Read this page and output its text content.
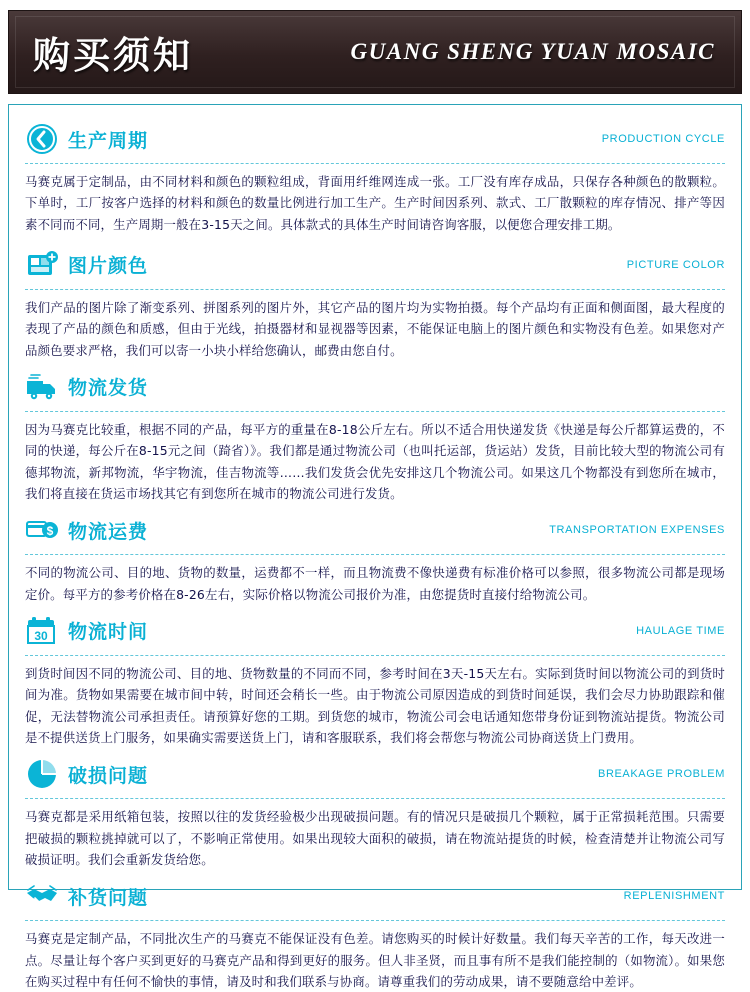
购买须知	GUANG SHENG YUAN MOSAIC
生产周期	PRODUCTION CYCLE
马赛克属于定制品，由不同材料和颜色的颗粒组成，背面用纤维网连成一张。工厂没有库存成品，只保存各种颜色的散颗粒。下单时，工厂按客户选择的材料和颜色的数量比例进行加工生产。生产时间因系列、款式、工厂散颗粒的库存情况、排产等因素不同而不同，生产周期一般在3-15天之间。具体款式的具体生产时间请咨询客服，以便您合理安排工期。
图片颜色	PICTURE COLOR
我们产品的图片除了渐变系列、拼图系列的图片外，其它产品的图片均为实物拍摄。每个产品均有正面和侧面图，最大程度的表现了产品的颜色和质感，但由于光线，拍摄器材和显视器等因素，不能保证电脑上的图片颜色和实物没有色差。如果您对产品颜色要求严格，我们可以寄一小块小样给您确认，邮费由您自付。
物流发货
因为马赛克比较重，根据不同的产品，每平方的重量在8-18公斤左右。所以不适合用快递发货《快递是每公斤都算运费的，不同的快递，每公斤在8-15元之间（踦省）》。我们都是通过物流公司（也叫托运部，货运站）发货，目前比较大型的物流公司有德邦物流，新邦物流，华宇物流，佳吉物流等……我们发货会优先安排这几个物流公司。如果这几个物都没有到您所在城市，我们将直接在货运市场找其它有到您所在城市的物流公司进行发货。
$ 物流运费	TRANSPORTATION EXPENSES
不同的物流公司、目的地、货物的数量，运费都不一样，而且物流费不像快递费有标准价格可以参照，很多物流公司都是现场定价。每平方的参考价格在8-26左右，实际价格以物流公司报价为准，由您提货时直接付给物流公司。
30 物流时间	HAULAGE TIME
到货时间因不同的物流公司、目的地、货物数量的不同而不同，参考时间在3天-15天左右。实际到货时间以物流公司的到货时间为准。货物如果需要在城市间中转，时间还会稍长一些。由于物流公司原因造成的到货时间延误，我们会尽力协助跟踪和催促，无法替物流公司承担责任。请预算好您的工期。到货您的城市，物流公司会电话通知您带身份证到物流站提货。物流公司是不提供送货上门服务，如果确实需要送货上门，请和客服联系，我们将会帮您与物流公司协商送货上门费用。
破损问题	BREAKAGE PROBLEM
马赛克都是采用纸箱包装，按照以往的发货经验极少出现破损问题。有的情况只是破损几个颗粒，属于正常损耗范围。只需要把破损的颗粒挑掉就可以了，不影响正常使用。如果出现较大面积的破损，请在物流站提货的时候，检查清楚并让物流公司写破损证明。我们会重新发货给您。
补货问题	REPLENISHMENT
马赛克是定制产品，不同批次生产的马赛克不能保证没有色差。请您购买的时候计好数量。我们每天辛苦的工作，每天改进一点。尽量让每个客户买到更好的马赛克产品和得到更好的服务。但人非圣贤，而且事有所不是我们能控制的（如物流）。如果您在购买过程中有任何不愉快的事情，请及时和我们联系与协商。请尊重我们的劳动成果，请不要随意给中差评。
